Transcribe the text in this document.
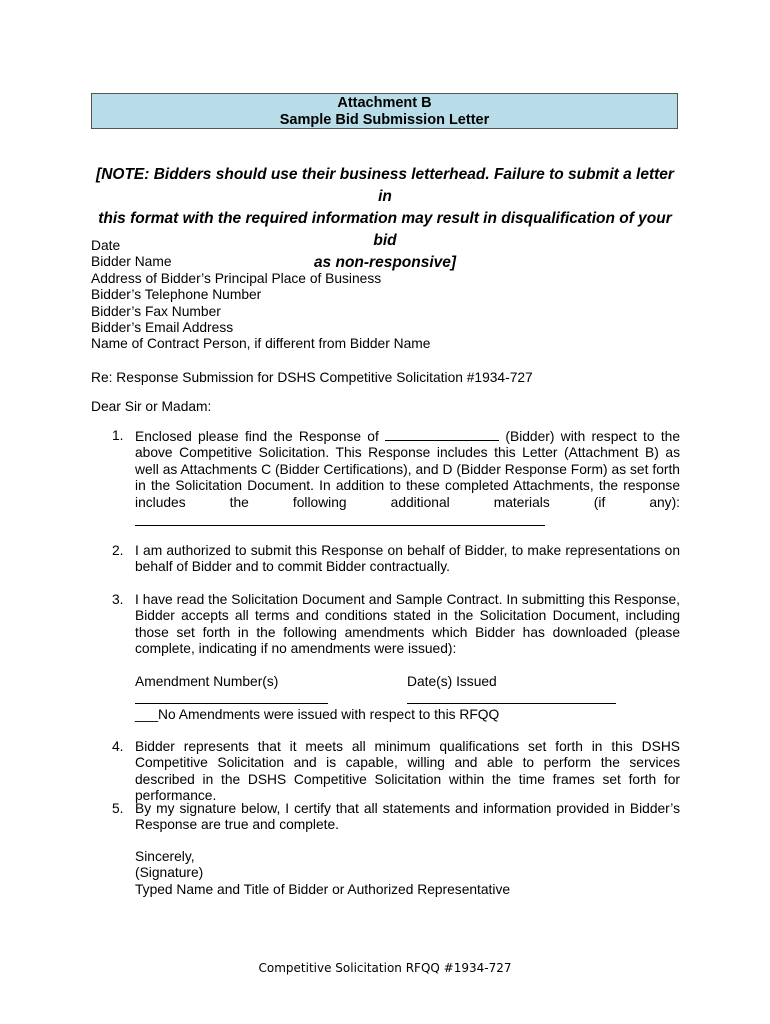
Attachment B
Sample Bid Submission Letter
[NOTE: Bidders should use their business letterhead. Failure to submit a letter in
this format with the required information may result in disqualification of your bid
as non-responsive]
Date
Bidder Name
Address of Bidder’s Principal Place of Business
Bidder’s Telephone Number
Bidder’s Fax Number
Bidder’s Email Address
Name of Contract Person, if different from Bidder Name
Re: Response Submission for DSHS Competitive Solicitation #1934-727
Dear Sir or Madam:
1. Enclosed please find the Response of	(Bidder) with respect to the
above Competitive Solicitation. This Response includes this Letter (Attachment B) as
well as Attachments C (Bidder Certifications), and D (Bidder Response Form) as set forth
in the Solicitation Document. In addition to these completed Attachments, the response
includes the following additional materials (if any):
2. I am authorized to submit this Response on behalf of Bidder, to make representations on behalf of Bidder and to commit Bidder contractually.
3. I have read the Solicitation Document and Sample Contract. In submitting this Response, Bidder accepts all terms and conditions stated in the Solicitation Document, including those set forth in the following amendments which Bidder has downloaded (please complete, indicating if no amendments were issued):
Amendment Number(s)	Date(s) Issued
___No Amendments were issued with respect to this RFQQ
4. Bidder represents that it meets all minimum qualifications set forth in this DSHS Competitive Solicitation and is capable, willing and able to perform the services described in the DSHS Competitive Solicitation within the time frames set forth for performance.
5. By my signature below, I certify that all statements and information provided in Bidder’s Response are true and complete.
Sincerely,
(Signature)
Typed Name and Title of Bidder or Authorized Representative
Competitive Solicitation RFQQ #1934-727
